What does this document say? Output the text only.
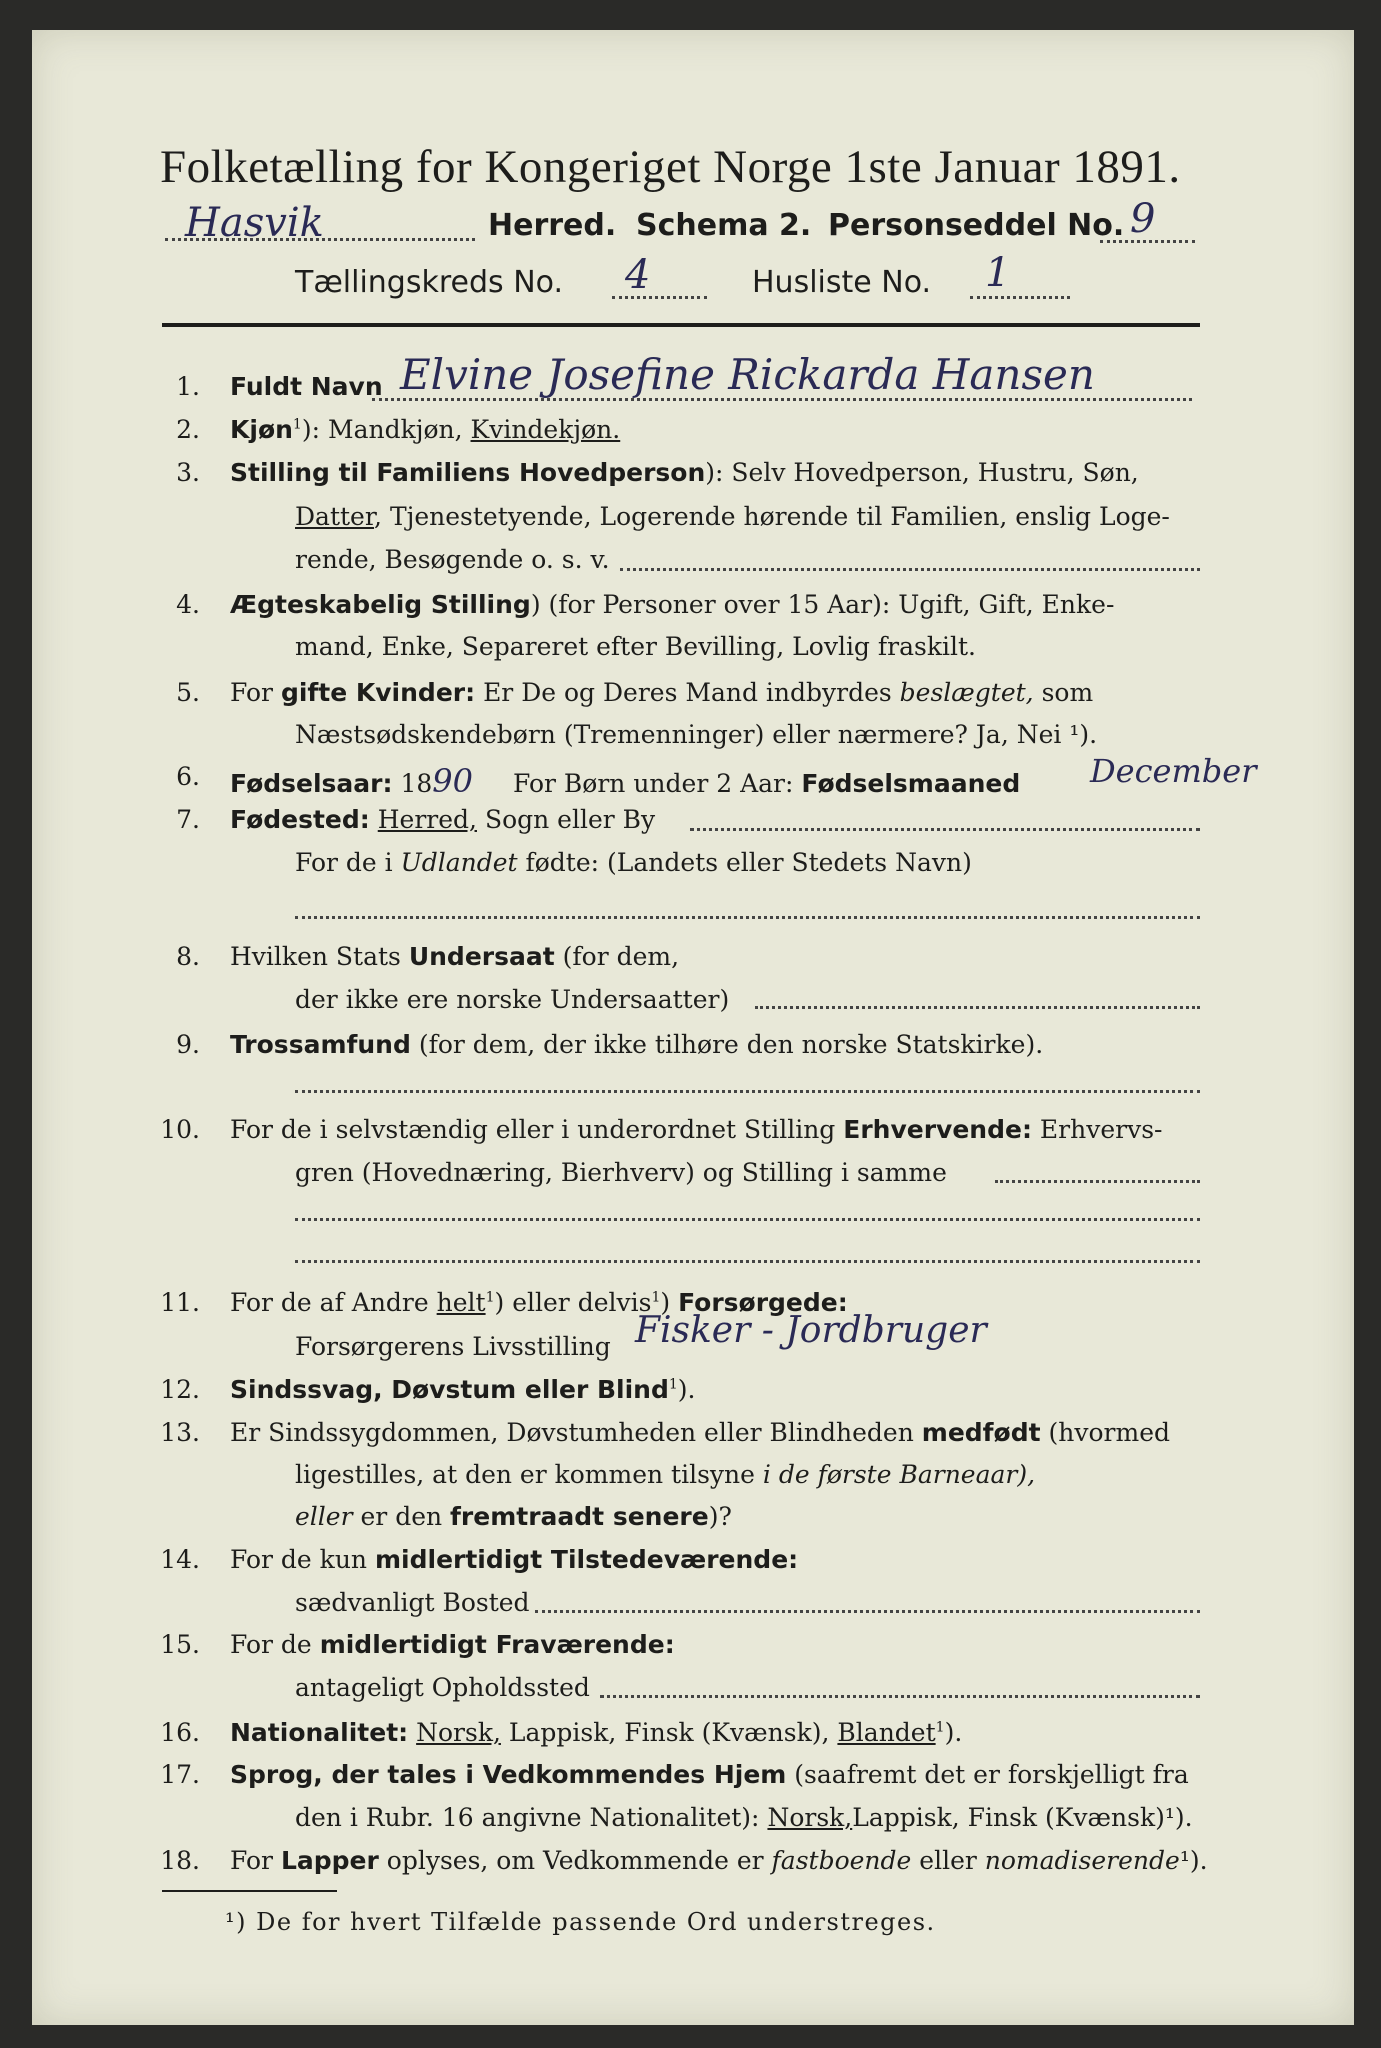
Folketælling for Kongeriget Norge 1ste Januar 1891.
Hasvik	Herred. Schema 2. Personseddel No. 9
Tællingskreds No. 4	Husliste No. 1
1. Fuldt Navn Elvine Josefine Rickarda Hansen
2. Kjøn$^1$): Mandkjøn, Kvindekjøn.
3. Stilling til Familiens Hovedperson): Selv Hovedperson, Hustru, Søn,
Datter, Tjenestetyende, Logerende hørende til Familien, enslig Loge-
rende, Besøgende o. s. v.
4. Ægteskabelig Stilling) (for Personer over 15 Aar): Ugift, Gift, Enke-
mand, Enke, Separeret efter Bevilling, Lovlig fraskilt.
5. For gifte Kvinder: Er De og Deres Mand indbyrdes beslægtet, som
Næstsødskendebørn (Tremenninger) eller nærmere? Ja, Nei ¹).
6. Fødselsaar: 1890 For Børn under 2 Aar: Fødselsmaaned December
7. Fødested: Herred, Sogn eller By
For de i Udlandet fødte: (Landets eller Stedets Navn)
8. Hvilken Stats Undersaat (for dem,
der ikke ere norske Undersaatter)
9. Trossamfund (for dem, der ikke tilhøre den norske Statskirke).
10. For de i selvstændig eller i underordnet Stilling Erhvervende: Erhvervs-
gren (Hovednæring, Bierhverv) og Stilling i samme
11. For de af Andre helt$^1$) eller delvis$^1$) Forsørgede:
Forsørgerens Livsstilling Fisker - Jordbruger
12. Sindssvag, Døvstum eller Blind$^1$).
13. Er Sindssygdommen, Døvstumheden eller Blindheden medfødt (hvormed
ligestilles, at den er kommen tilsyne i de første Barneaar),
eller er den fremtraadt senere)?
14. For de kun midlertidigt Tilstedeværende:
sædvanligt Bosted
15. For de midlertidigt Fraværende:
antageligt Opholdssted
16. Nationalitet: Norsk, Lappisk, Finsk (Kvænsk), Blandet$^1$).
17. Sprog, der tales i Vedkommendes Hjem (saafremt det er forskjelligt fra
den i Rubr. 16 angivne Nationalitet): Norsk,Lappisk, Finsk (Kvænsk)¹).
18. For Lapper oplyses, om Vedkommende er fastboende eller nomadiserende¹).
¹) De for hvert Tilfælde passende Ord understreges.
